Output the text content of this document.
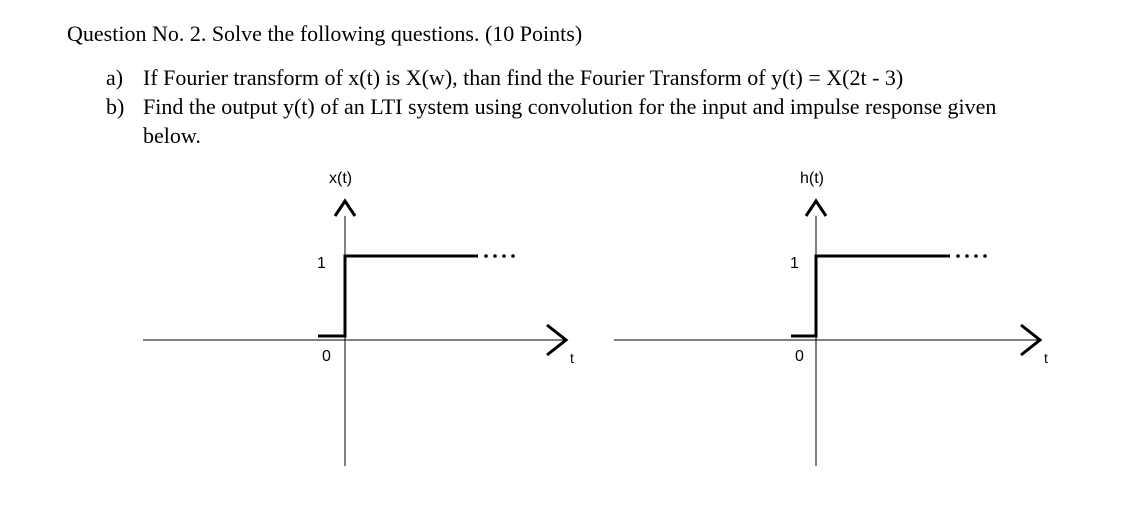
Question No. 2. Solve the following questions. (10 Points)
a) If Fourier transform of x(t) is X(w), than find the Fourier Transform of y(t) = X(2t - 3)
b) Find the output y(t) of an LTI system using convolution for the input and impulse response given
below.
x(t)
1
0	t
h(t)
1
0	t
